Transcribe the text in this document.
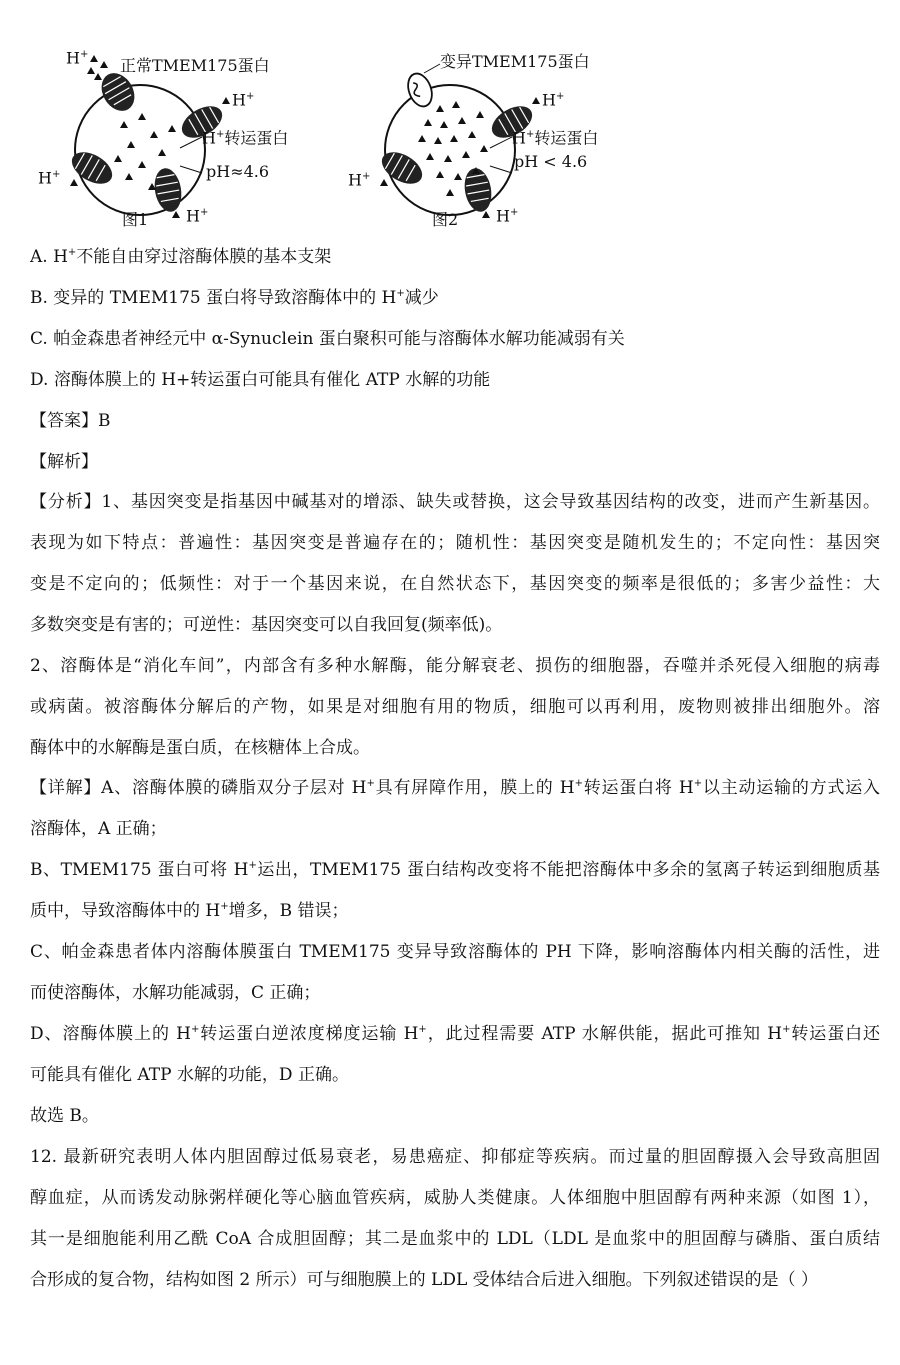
H+
正常TMEM175蛋白
H+
H+转运蛋白
pH≈4.6
H+
H+
图1
变异TMEM175蛋白
H+
H+转运蛋白
pH < 4.6
H+
H+
图2
A. H+不能自由穿过溶酶体膜的基本支架
B. 变异的 TMEM175 蛋白将导致溶酶体中的 H+减少
C. 帕金森患者神经元中 α-Synuclein 蛋白聚积可能与溶酶体水解功能减弱有关
D. 溶酶体膜上的 H+转运蛋白可能具有催化 ATP 水解的功能
【答案】B
【解析】
【分析】1、基因突变是指基因中碱基对的增添、缺失或替换，这会导致基因结构的改变，进而产生新基因。
表现为如下特点：普遍性：基因突变是普遍存在的；随机性：基因突变是随机发生的；不定向性：基因突
变是不定向的；低频性：对于一个基因来说，在自然状态下，基因突变的频率是很低的；多害少益性：大
多数突变是有害的；可逆性：基因突变可以自我回复(频率低)。
2、溶酶体是“消化车间”，内部含有多种水解酶，能分解衰老、损伤的细胞器，吞噬并杀死侵入细胞的病毒
或病菌。被溶酶体分解后的产物，如果是对细胞有用的物质，细胞可以再利用，废物则被排出细胞外。溶
酶体中的水解酶是蛋白质，在核糖体上合成。
【详解】A、溶酶体膜的磷脂双分子层对 H+具有屏障作用，膜上的 H+转运蛋白将 H+以主动运输的方式运入
溶酶体，A 正确；
B、TMEM175 蛋白可将 H+运出，TMEM175 蛋白结构改变将不能把溶酶体中多余的氢离子转运到细胞质基
质中，导致溶酶体中的 H+增多，B 错误；
C、帕金森患者体内溶酶体膜蛋白 TMEM175 变异导致溶酶体的 PH 下降，影响溶酶体内相关酶的活性，进
而使溶酶体，水解功能减弱，C 正确；
D、溶酶体膜上的 H+转运蛋白逆浓度梯度运输 H+，此过程需要 ATP 水解供能，据此可推知 H+转运蛋白还
可能具有催化 ATP 水解的功能，D 正确。
故选 B。
12. 最新研究表明人体内胆固醇过低易衰老，易患癌症、抑郁症等疾病。而过量的胆固醇摄入会导致高胆固
醇血症，从而诱发动脉粥样硬化等心脑血管疾病，威胁人类健康。人体细胞中胆固醇有两种来源（如图 1），
其一是细胞能利用乙酰 CoA 合成胆固醇；其二是血浆中的 LDL（LDL 是血浆中的胆固醇与磷脂、蛋白质结
合形成的复合物，结构如图 2 所示）可与细胞膜上的 LDL 受体结合后进入细胞。下列叙述错误的是（ ）
